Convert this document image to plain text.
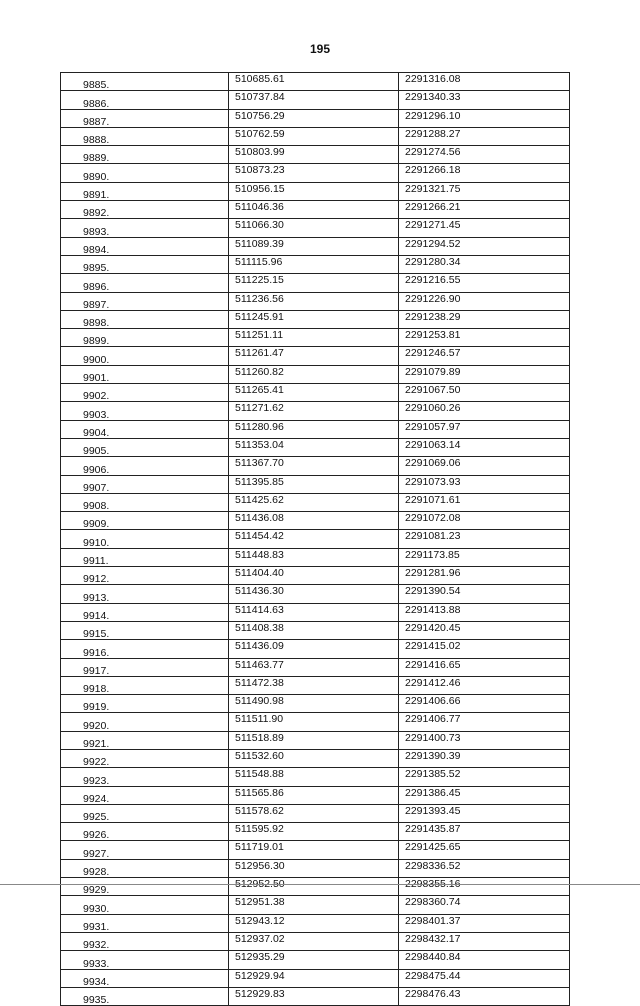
195
9885.	510685.61	2291316.08
9886.	510737.84	2291340.33
9887.	510756.29	2291296.10
9888.	510762.59	2291288.27
9889.	510803.99	2291274.56
9890.	510873.23	2291266.18
9891.	510956.15	2291321.75
9892.	511046.36	2291266.21
9893.	511066.30	2291271.45
9894.	511089.39	2291294.52
9895.	511115.96	2291280.34
9896.	511225.15	2291216.55
9897.	511236.56	2291226.90
9898.	511245.91	2291238.29
9899.	511251.11	2291253.81
9900.	511261.47	2291246.57
9901.	511260.82	2291079.89
9902.	511265.41	2291067.50
9903.	511271.62	2291060.26
9904.	511280.96	2291057.97
9905.	511353.04	2291063.14
9906.	511367.70	2291069.06
9907.	511395.85	2291073.93
9908.	511425.62	2291071.61
9909.	511436.08	2291072.08
9910.	511454.42	2291081.23
9911.	511448.83	2291173.85
9912.	511404.40	2291281.96
9913.	511436.30	2291390.54
9914.	511414.63	2291413.88
9915.	511408.38	2291420.45
9916.	511436.09	2291415.02
9917.	511463.77	2291416.65
9918.	511472.38	2291412.46
9919.	511490.98	2291406.66
9920.	511511.90	2291406.77
9921.	511518.89	2291400.73
9922.	511532.60	2291390.39
9923.	511548.88	2291385.52
9924.	511565.86	2291386.45
9925.	511578.62	2291393.45
9926.	511595.92	2291435.87
9927.	511719.01	2291425.65
9928.	512956.30	2298336.52
9929.	512952.50	2298355.16
9930.	512951.38	2298360.74
9931.	512943.12	2298401.37
9932.	512937.02	2298432.17
9933.	512935.29	2298440.84
9934.	512929.94	2298475.44
9935.	512929.83	2298476.43
